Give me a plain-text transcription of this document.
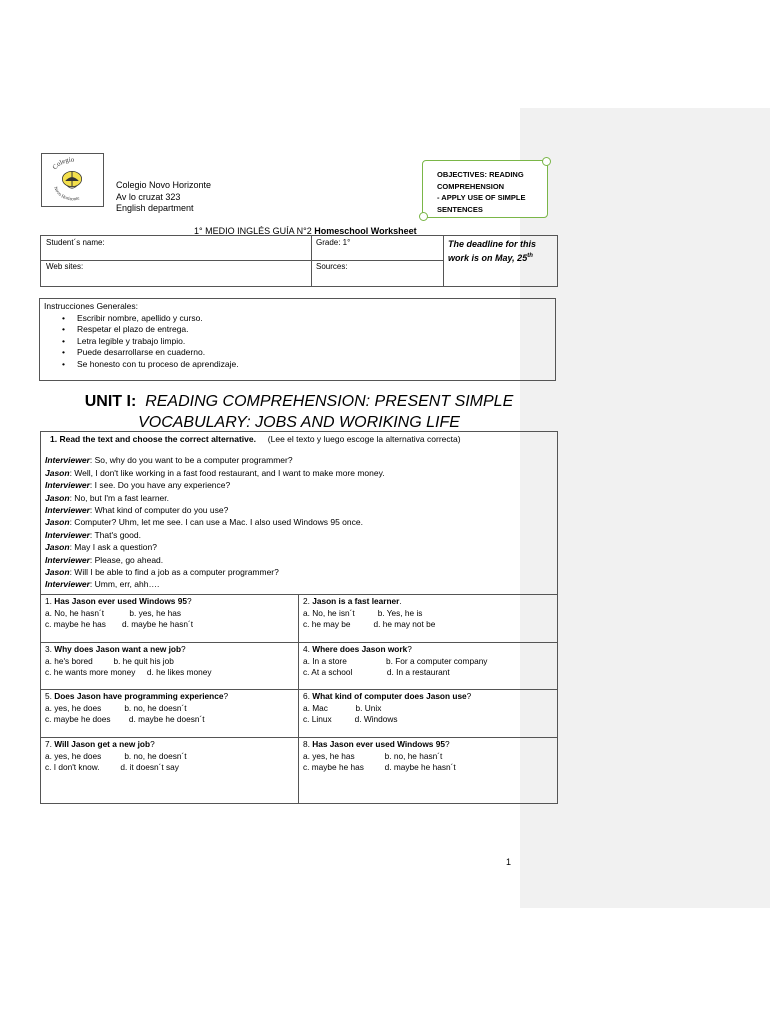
Colegio
Novo Horizonte
Colegio Novo Horizonte
Av lo cruzat 323
English department
OBJECTIVES: READING
COMPREHENSION
- APPLY USE OF SIMPLE
SENTENCES
1° MEDIO INGLÉS GUÍA N°2 Homeschool Worksheet
Student´s name:	Grade: 1°
Web sites:	Sources:
The deadline for this
work is on May, 25th
Instrucciones Generales:
• Escribir nombre, apellido y curso.
• Respetar el plazo de entrega.
• Letra legible y trabajo limpio.
• Puede desarrollarse en cuaderno.
• Se honesto con tu proceso de aprendizaje.
UNIT I: READING COMPREHENSION: PRESENT SIMPLE
VOCABULARY: JOBS AND WORIKING LIFE
1. Read the text and choose the correct alternative. (Lee el texto y luego escoge la alternativa correcta)
Interviewer: So, why do you want to be a computer programmer?
Jason: Well, I don't like working in a fast food restaurant, and I want to make more money.
Interviewer: I see. Do you have any experience?
Jason: No, but I'm a fast learner.
Interviewer: What kind of computer do you use?
Jason: Computer? Uhm, let me see. I can use a Mac. I also used Windows 95 once.
Interviewer: That's good.
Jason: May I ask a question?
Interviewer: Please, go ahead.
Jason: Will I be able to find a job as a computer programmer?
Interviewer: Umm, err, ahh….
1. Has Jason ever used Windows 95?
a. No, he hasn´t           b. yes, he has
c. maybe he has       d. maybe he hasn´t
2. Jason is a fast learner.
a. No, he isn´t          b. Yes, he is
c. he may be          d. he may not be
3. Why does Jason want a new job?
a. he's bored         b. he quit his job
c. he wants more money     d. he likes money
4. Where does Jason work?
a. In a store                 b. For a computer company
c. At a school               d. In a restaurant
5. Does Jason have programming experience?
a. yes, he does          b. no, he doesn´t
c. maybe he does        d. maybe he doesn´t
6. What kind of computer does Jason use?
a. Mac            b. Unix
c. Linux          d. Windows
7. Will Jason get a new job?
a. yes, he does          b. no, he doesn´t
c. I don't know.         d. it doesn´t say
8. Has Jason ever used Windows 95?
a. yes, he has             b. no, he hasn´t
c. maybe he has         d. maybe he hasn´t
1
